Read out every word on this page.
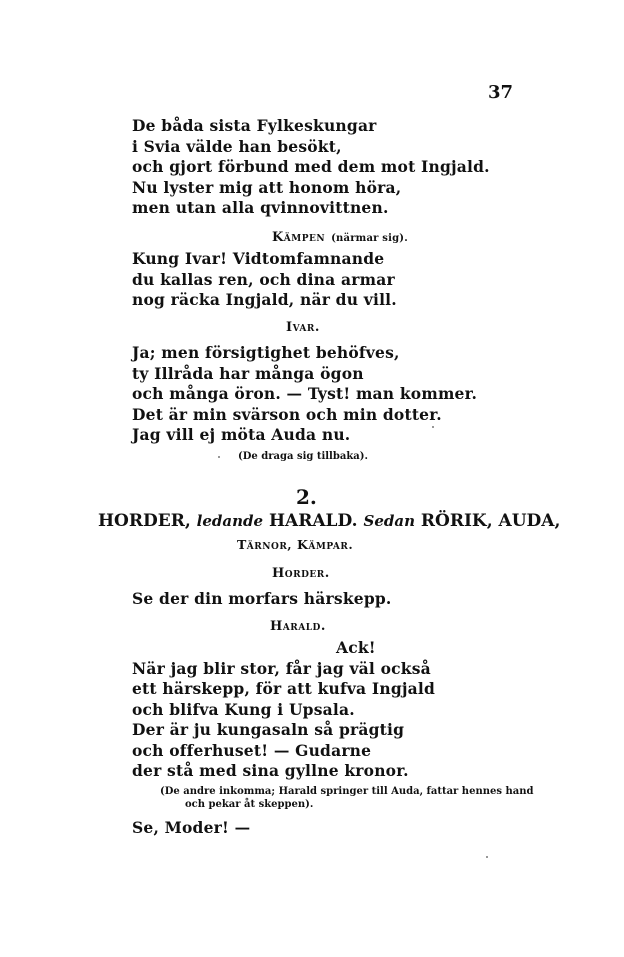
37
De båda sista Fylkeskungar
i Svia välde han besökt,
och gjort förbund med dem mot Ingjald.
Nu lyster mig att honom höra,
men utan alla qvinnovittnen.
Kämpen (närmar sig).
Kung Ivar! Vidtomfamnande
du kallas ren, och dina armar
nog räcka Ingjald, när du vill.
Ivar.
Ja; men försigtighet behöfves,
ty Illråda har många ögon
och många öron. — Tyst! man kommer.
Det är min svärson och min dotter.
Jag vill ej möta Auda nu.
(De draga sig tillbaka).
2.
HORDER, ledande HARALD. Sedan RÖRIK, AUDA,
Tärnor, Kämpar.
Horder.
Se der din morfars härskepp.
Harald.
Ack!
När jag blir stor, får jag väl också
ett härskepp, för att kufva Ingjald
och blifva Kung i Upsala.
Der är ju kungasaln så prägtig
och offerhuset! — Gudarne
der stå med sina gyllne kronor.
(De andre inkomma; Harald springer till Auda, fattar hennes hand
och pekar åt skeppen).
Se, Moder! —
